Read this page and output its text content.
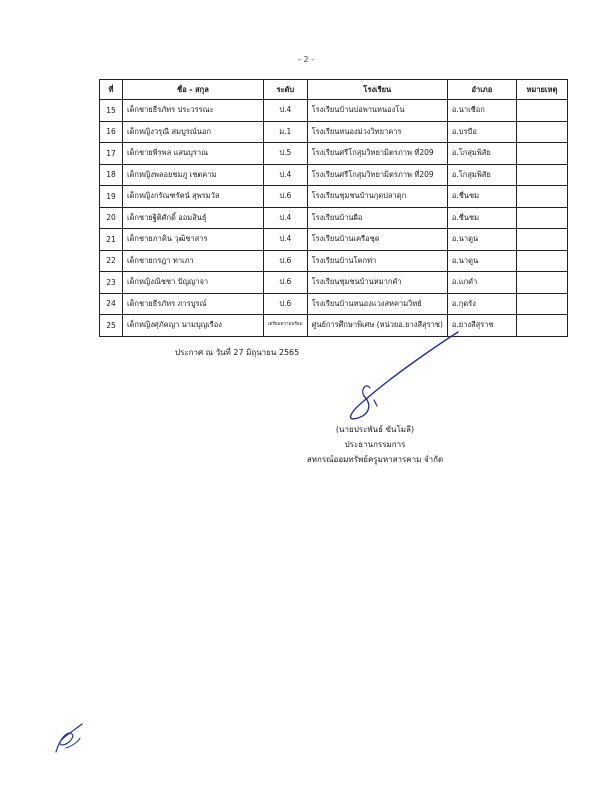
- 2 -
ที่	ชื่อ - สกุล	ระดับ	โรงเรียน	อำเภอ	หมายเหตุ
15	เด็กชายธีรภัทร ประวรรณะ	ป.4	โรงเรียนบ้านบ่อพานหนองโน	อ.นาเชือก	
16	เด็กหญิงวรุณี สมบูรณ์นอก	ม.1	โรงเรียนหนองม่วงวิทยาคาร	อ.บรบือ	
17	เด็กชายพีรพล แสนบุราณ	ป.5	โรงเรียนศรีโกสุมวิทยามิตรภาพ ที่209	อ.โกสุมพิสัย	
18	เด็กหญิงพลอยชมภู เชตคาม	ป.4	โรงเรียนศรีโกสุมวิทยามิตรภาพ ที่209	อ.โกสุมพิสัย	
19	เด็กหญิงกรัณฑรัตน์ สุพรมวัล	ป.6	โรงเรียนชุมชนบ้านกุดปลาดุก	อ.ชื่นชม	
20	เด็กชายฐิติศักดิ์ ออมสินธุ์	ป.4	โรงเรียนบ้านผือ	อ.ชื่นชม	
21	เด็กชายภาคิน วุฒิชาสาร	ป.4	โรงเรียนบ้านเครือชุด	อ.นาดูน	
22	เด็กชายกรฎา ทาเภา	ป.6	โรงเรียนบ้านโคกท่า	อ.นาดูน	
23	เด็กหญิงณิชชา ปัญญาจา	ป.6	โรงเรียนชุมชนบ้านหมากคำ	อ.แกดำ	
24	เด็กชายธีรภัทร ภารบูรณ์	ป.6	โรงเรียนบ้านหนองแวงสหคามวิทย์	อ.กุดรัง	
25	เด็กหญิงศุภัคญา นามบุญเรือง	เตรียมความพร้อม	ศูนย์การศึกษาพิเศษ (หน่วยอ.ยางสีสุราช)	อ.ยางสีสุราช	
ประกาศ ณ วันที่ 27 มิถุนายน 2565
(นายประพันธ์ ขันโมลี)
ประธานกรรมการ
สหกรณ์ออมทรัพย์ครูมหาสารคาม จำกัด
